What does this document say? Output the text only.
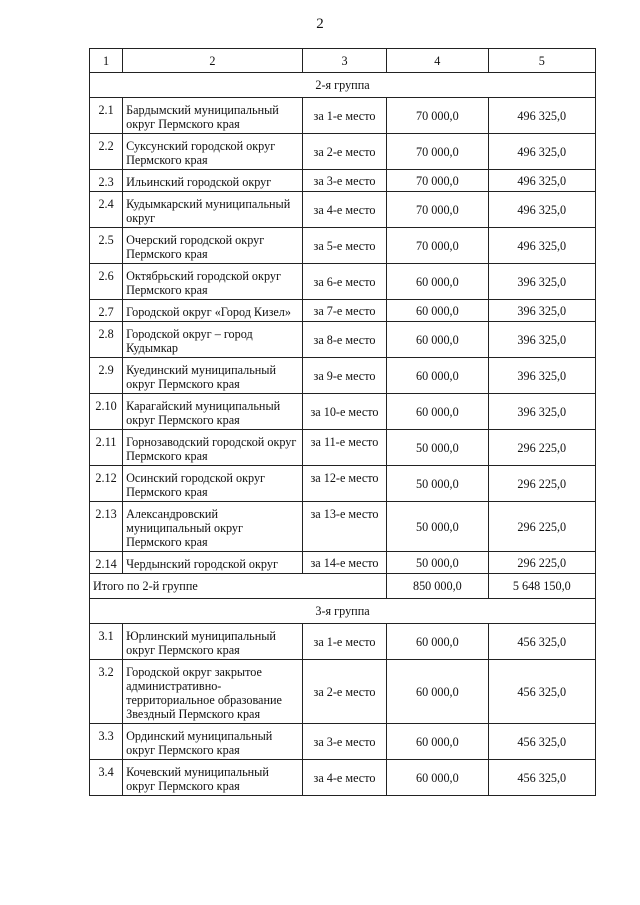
2
1	2	3	4	5
2-я группа				
2.1	Бардымский муниципальный округ Пермского края	за 1-е место	70 000,0	496 325,0
2.2	Суксунский городской округ Пермского края	за 2-е место	70 000,0	496 325,0
2.3	Ильинский городской округ	за 3-е место	70 000,0	496 325,0
2.4	Кудымкарский муниципальный округ	за 4-е место	70 000,0	496 325,0
2.5	Очерский городской округ Пермского края	за 5-е место	70 000,0	496 325,0
2.6	Октябрьский городской округ Пермского края	за 6-е место	60 000,0	396 325,0
2.7	Городской округ «Город Кизел»	за 7-е место	60 000,0	396 325,0
2.8	Городской округ – город Кудымкар	за 8-е место	60 000,0	396 325,0
2.9	Куединский муниципальный округ Пермского края	за 9-е место	60 000,0	396 325,0
2.10	Карагайский муниципальный округ Пермского края	за 10-е место	60 000,0	396 325,0
2.11	Горнозаводский городской округ Пермского края	за 11-е место	50 000,0	296 225,0
2.12	Осинский городской округ Пермского края	за 12-е место	50 000,0	296 225,0
2.13	Александровский муниципальный округ Пермского края	за 13-е место	50 000,0	296 225,0
2.14	Чердынский городской округ	за 14-е место	50 000,0	296 225,0
Итого по 2-й группе			850 000,0	5 648 150,0
3-я группа				
3.1	Юрлинский муниципальный округ Пермского края	за 1-е место	60 000,0	456 325,0
3.2	Городской округ закрытое административно-территориальное образование Звездный Пермского края	за 2-е место	60 000,0	456 325,0
3.3	Ординский муниципальный округ Пермского края	за 3-е место	60 000,0	456 325,0
3.4	Кочевский муниципальный округ Пермского края	за 4-е место	60 000,0	456 325,0
